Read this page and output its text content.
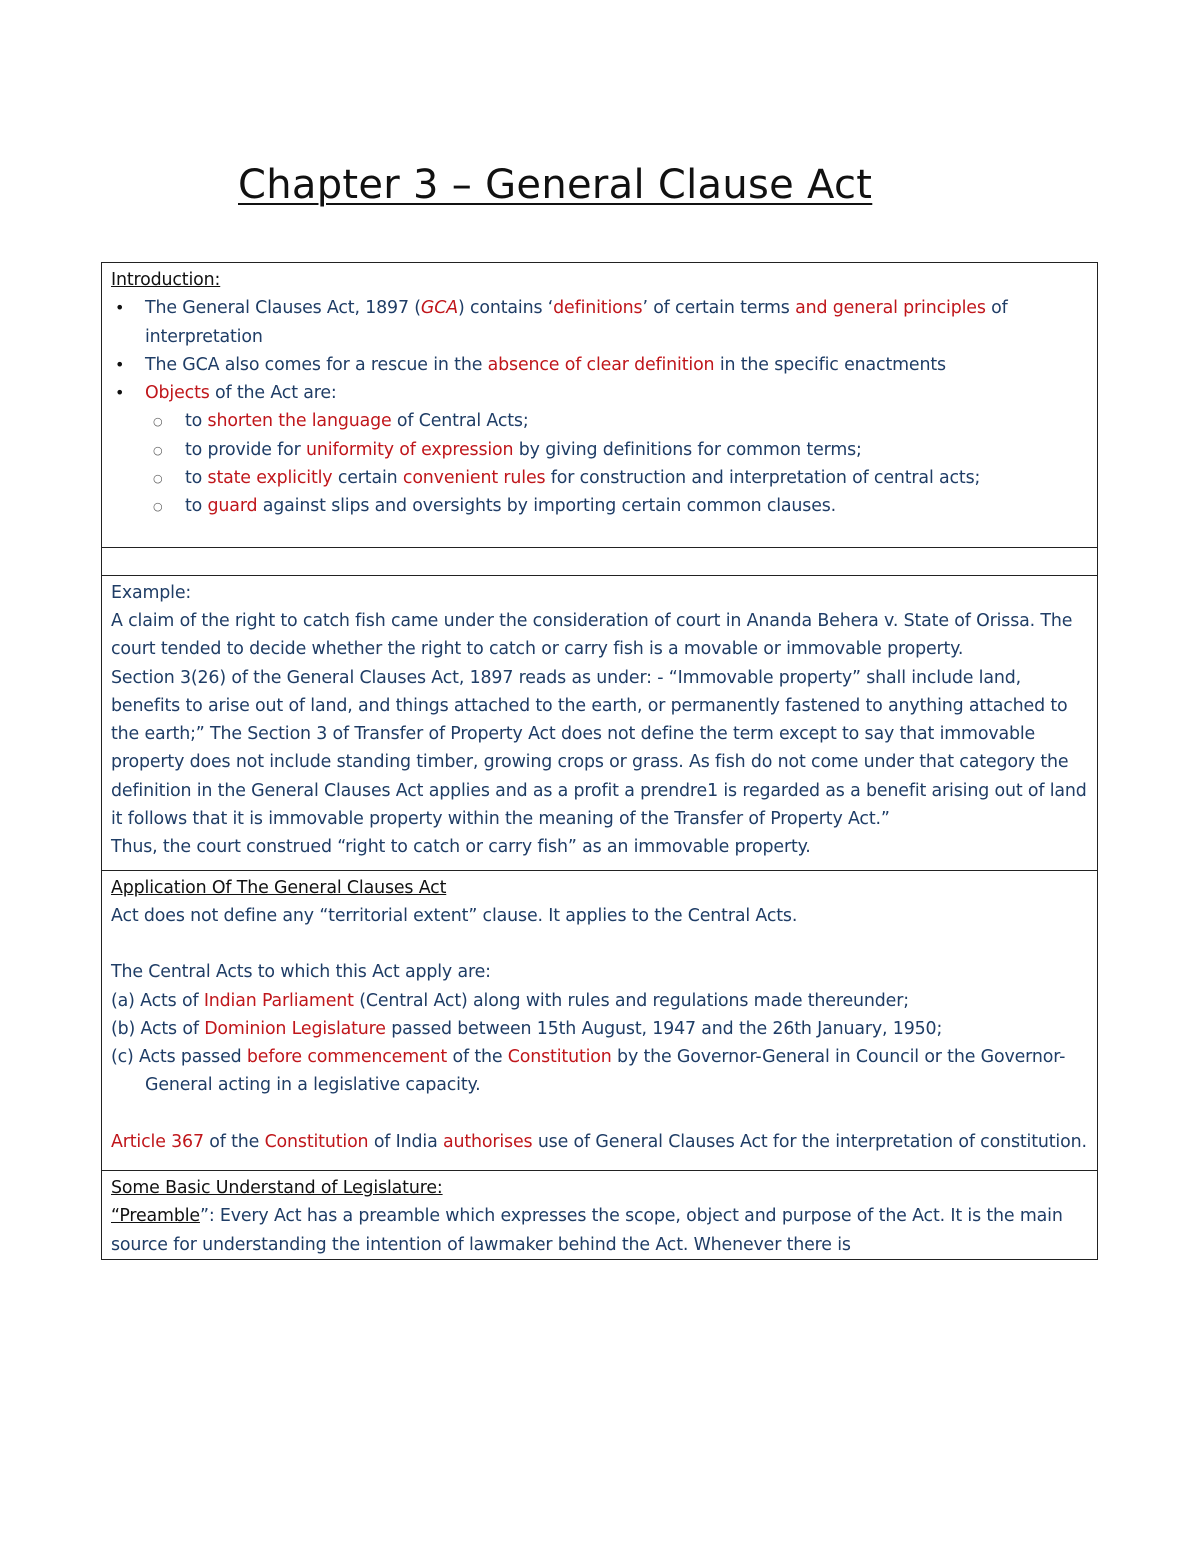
Chapter 3 – General Clause Act
Introduction:
• The General Clauses Act, 1897 (GCA) contains ‘definitions’ of certain terms and general principles of interpretation
• The GCA also comes for a rescue in the absence of clear definition in the specific enactments
• Objects of the Act are:
○ to shorten the language of Central Acts;
○ to provide for uniformity of expression by giving definitions for common terms;
○ to state explicitly certain convenient rules for construction and interpretation of central acts;
○ to guard against slips and oversights by importing certain common clauses.

Example:
A claim of the right to catch fish came under the consideration of court in Ananda Behera v. State of Orissa. The court tended to decide whether the right to catch or carry fish is a movable or immovable property.
Section 3(26) of the General Clauses Act, 1897 reads as under: - “Immovable property” shall include land, benefits to arise out of land, and things attached to the earth, or permanently fastened to anything attached to the earth;” The Section 3 of Transfer of Property Act does not define the term except to say that immovable property does not include standing timber, growing crops or grass. As fish do not come under that category the definition in the General Clauses Act applies and as a profit a prendre1 is regarded as a benefit arising out of land it follows that it is immovable property within the meaning of the Transfer of Property Act.”
Thus, the court construed “right to catch or carry fish” as an immovable property.

Application Of The General Clauses Act
Act does not define any “territorial extent” clause. It applies to the Central Acts.
The Central Acts to which this Act apply are:
(a) Acts of Indian Parliament (Central Act) along with rules and regulations made thereunder;
(b) Acts of Dominion Legislature passed between 15th August, 1947 and the 26th January, 1950;
(c) Acts passed before commencement of the Constitution by the Governor-General in Council or the Governor-General acting in a legislative capacity.
Article 367 of the Constitution of India authorises use of General Clauses Act for the interpretation of constitution.

Some Basic Understand of Legislature:
“Preamble”: Every Act has a preamble which expresses the scope, object and purpose of the Act. It is the main source for understanding the intention of lawmaker behind the Act. Whenever there is
